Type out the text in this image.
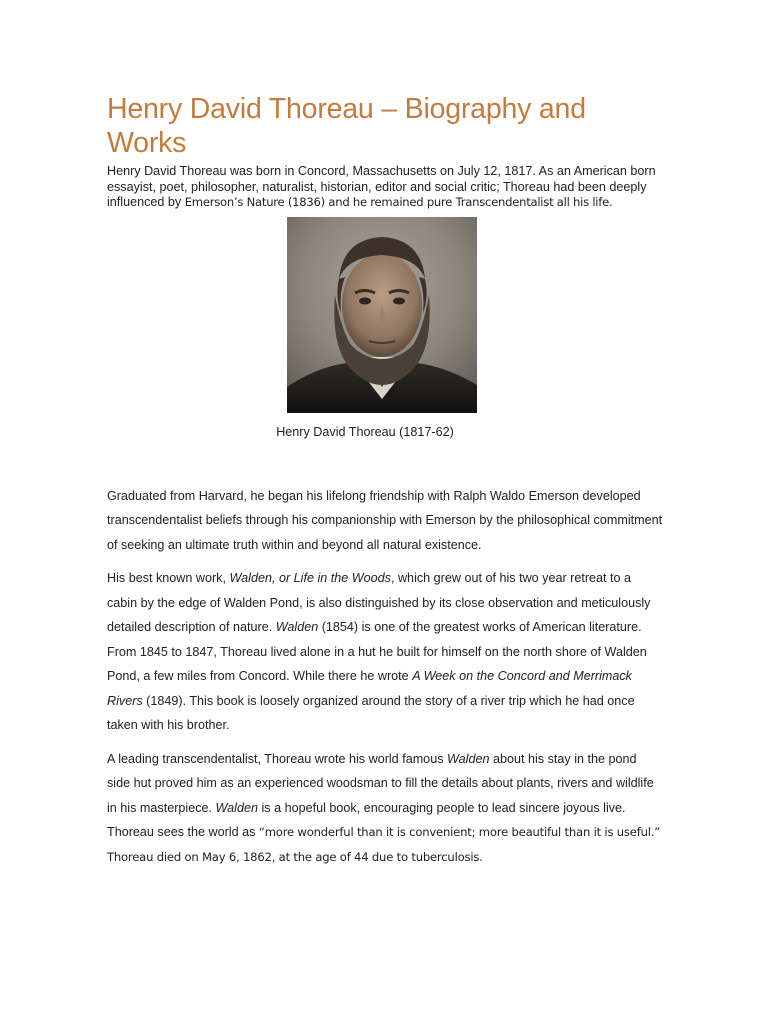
Henry David Thoreau – Biography and Works

Henry David Thoreau was born in Concord, Massachusetts on July 12, 1817. As an American born essayist, poet, philosopher, naturalist, historian, editor and social critic; Thoreau had been deeply influenced by Emerson’s Nature (1836) and he remained pure Transcendentalist all his life.

Henry David Thoreau (1817-62)

Graduated from Harvard, he began his lifelong friendship with Ralph Waldo Emerson developed transcendentalist beliefs through his companionship with Emerson by the philosophical commitment of seeking an ultimate truth within and beyond all natural existence.

His best known work, Walden, or Life in the Woods, which grew out of his two year retreat to a cabin by the edge of Walden Pond, is also distinguished by its close observation and meticulously detailed description of nature. Walden (1854) is one of the greatest works of American literature. From 1845 to 1847, Thoreau lived alone in a hut he built for himself on the north shore of Walden Pond, a few miles from Concord. While there he wrote A Week on the Concord and Merrimack Rivers (1849). This book is loosely organized around the story of a river trip which he had once taken with his brother.

A leading transcendentalist, Thoreau wrote his world famous Walden about his stay in the pond side hut proved him as an experienced woodsman to fill the details about plants, rivers and wildlife in his masterpiece. Walden is a hopeful book, encouraging people to lead sincere joyous live. Thoreau sees the world as “more wonderful than it is convenient; more beautiful than it is useful.” Thoreau died on May 6, 1862, at the age of 44 due to tuberculosis.
